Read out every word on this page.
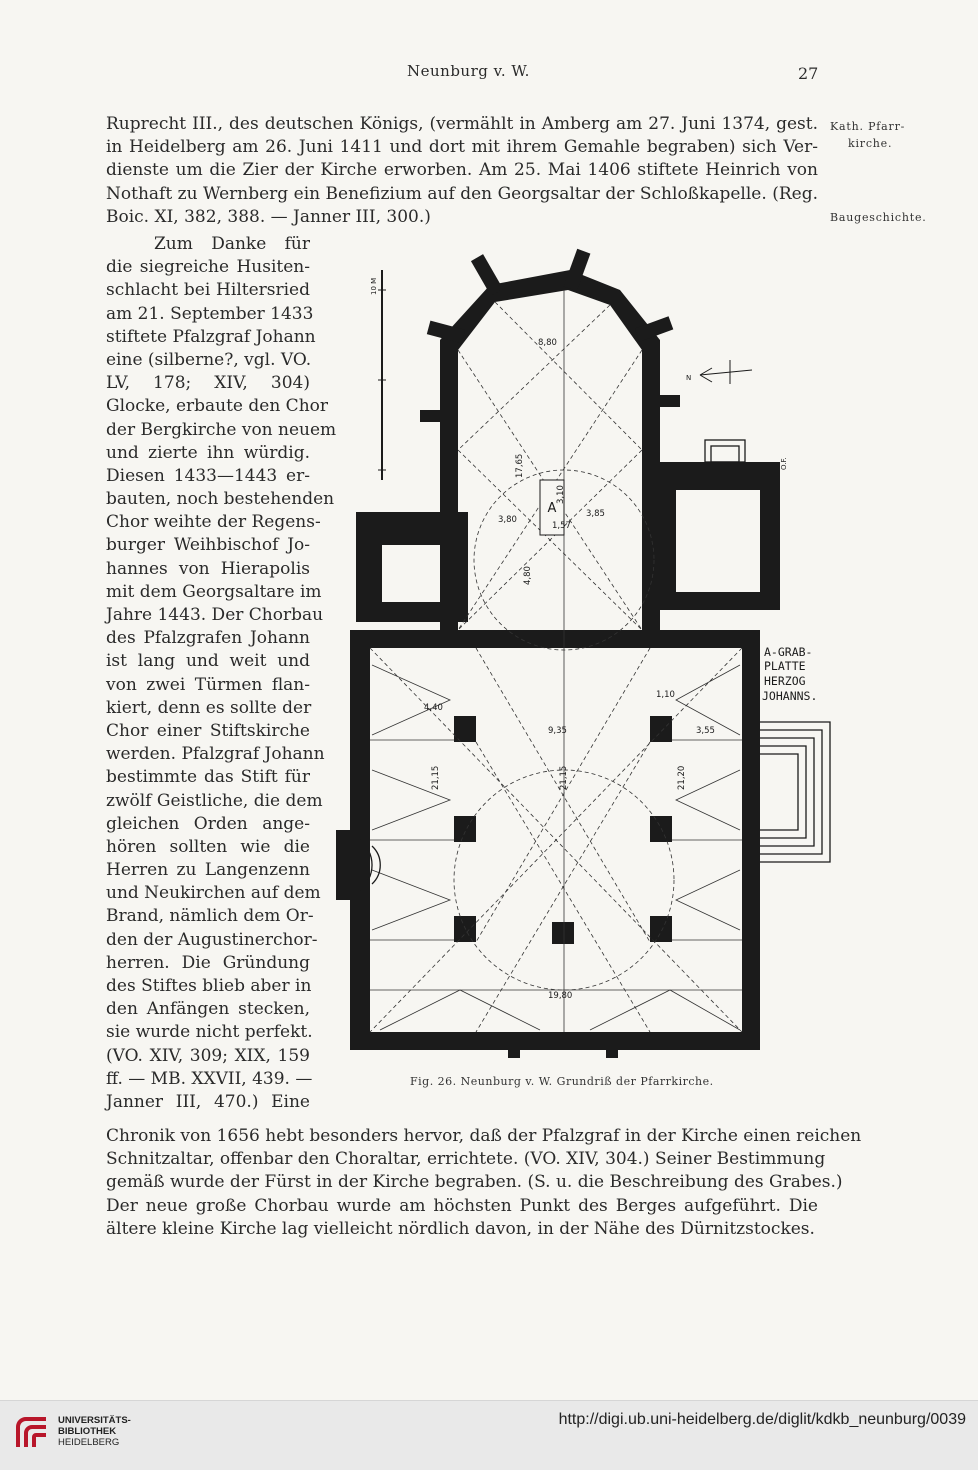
Neunburg v. W.	27
Kath. Pfarr-
kirche.
Baugeschichte.
Ruprecht III., des deutschen Königs, (vermählt in Amberg am 27. Juni 1374, gest.
in Heidelberg am 26. Juni 1411 und dort mit ihrem Gemahle begraben) sich Ver-
dienste um die Zier der Kirche erworben. Am 25. Mai 1406 stiftete Heinrich von
Nothaft zu Wernberg ein Benefizium auf den Georgsaltar der Schloßkapelle. (Reg.
Boic. XI, 382, 388. — Janner III, 300.)
Zum Danke für
die siegreiche Husiten-
schlacht bei Hiltersried
am 21. September 1433
stiftete Pfalzgraf Johann
eine (silberne?, vgl. VO.
LV, 178; XIV, 304)
Glocke, erbaute den Chor
der Bergkirche von neuem
und zierte ihn würdig.
Diesen 1433—1443 er-
bauten, noch bestehenden
Chor weihte der Regens-
burger Weihbischof Jo-
hannes von Hierapolis
mit dem Georgsaltare im
Jahre 1443. Der Chorbau
des Pfalzgrafen Johann
ist lang und weit und
von zwei Türmen flan-
kiert, denn es sollte der
Chor einer Stiftskirche
werden. Pfalzgraf Johann
bestimmte das Stift für
zwölf Geistliche, die dem
gleichen Orden ange-
hören sollten wie die
Herren zu Langenzenn
und Neukirchen auf dem
Brand, nämlich dem Or-
den der Augustinerchor-
herren. Die Gründung
des Stiftes blieb aber in
den Anfängen stecken,
sie wurde nicht perfekt.
(VO. XIV, 309; XIX, 159
ff. — MB. XXVII, 439. —
Janner III, 470.) Eine
Chronik von 1656 hebt besonders hervor, daß der Pfalzgraf in der Kirche einen reichen
Schnitzaltar, offenbar den Choraltar, errichtete. (VO. XIV, 304.) Seiner Bestimmung
gemäß wurde der Fürst in der Kirche begraben. (S. u. die Beschreibung des Grabes.)
Der neue große Chorbau wurde am höchsten Punkt des Berges aufgeführt. Die
ältere kleine Kirche lag vielleicht nördlich davon, in der Nähe des Dürnitzstockes.
A
10 M
N
O.F.
8,80
17,65
3,10
3,80
3,85
1,57
4,80
4,40
9,35	3,55
1,10
21,15	21,15	21,20
19,80
A-GRAB-
PLATTE
HERZOG
JOHANNS.
Fig. 26. Neunburg v. W. Grundriß der Pfarrkirche.
UNIVERSITÄTS-
BIBLIOTHEK
HEIDELBERG
http://digi.ub.uni-heidelberg.de/diglit/kdkb_neunburg/0039
